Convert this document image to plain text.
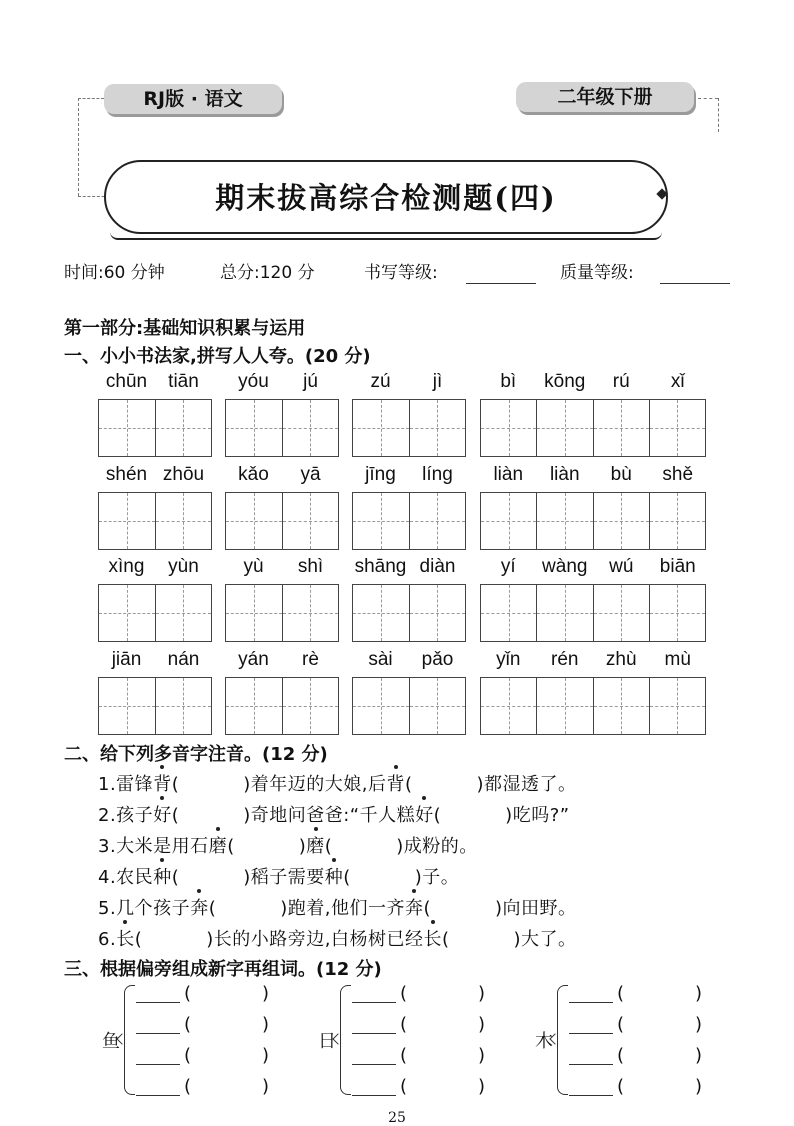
RJ版 · 语文	二年级下册
期末拔高综合检测题(四)
时间:60 分钟	总分:120 分	书写等级:	质量等级:
第一部分:基础知识积累与运用
一、小小书法家,拼写人人夸。(20 分)
chūn	tiān	yóu	jú	zú	jì	bì	kōng	rú	xǐ
shén zhōu	kǎo	yā	jīng	líng	liàn	liàn	bù	shě
xìng	yùn	yù	shì	shāng diàn	yí	wàng	wú	biān
jiān	nán	yán	rè	sài	pǎo	yǐn	rén	zhù	mù
二、给下列多音字注音。(12 分)
1.雷锋背(	)着年迈的大娘,后背(	)都湿透了。
2.孩子好(	)奇地问爸爸:“千人糕好(	)吃吗?”
3.大米是用石磨(	)磨(	)成粉的。
4.农民种(	)稻子需要种(	)子。
5.几个孩子奔(	)跑着,他们一齐奔(	)向田野。
6.长(	)长的小路旁边,白杨树已经长(	)大了。
三、根据偏旁组成新字再组词。(12 分)
鱼
(	)
(	)
(	)
(	)
日
(	)
(	)
(	)
(	)
木
(	)
(	)
(	)
(	)
25
